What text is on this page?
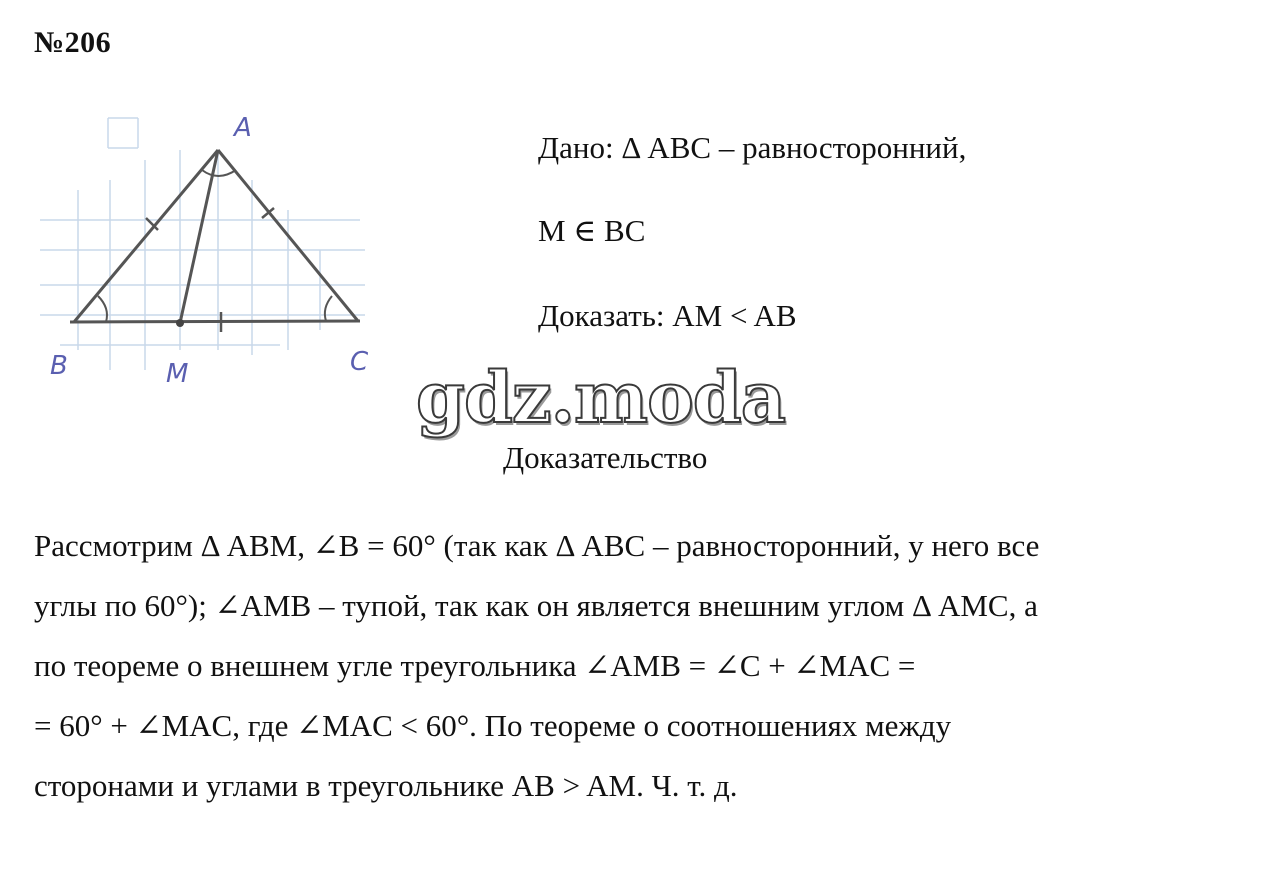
№206
A
B	M	C
Дано: Δ ABC – равносторонний,
M ∈ BC
Доказать: AM < AB
gdz.moda
Доказательство
Рассмотрим Δ ABM, ∠B = 60° (так как Δ ABC – равносторонний, у него все
углы по 60°); ∠AMB – тупой, так как он является внешним углом Δ AMC, а
по теореме о внешнем угле треугольника ∠AMB = ∠C + ∠MAC =
= 60° + ∠MAC, где ∠MAC < 60°. По теореме о соотношениях между
сторонами и углами в треугольнике AB > AM. Ч. т. д.
